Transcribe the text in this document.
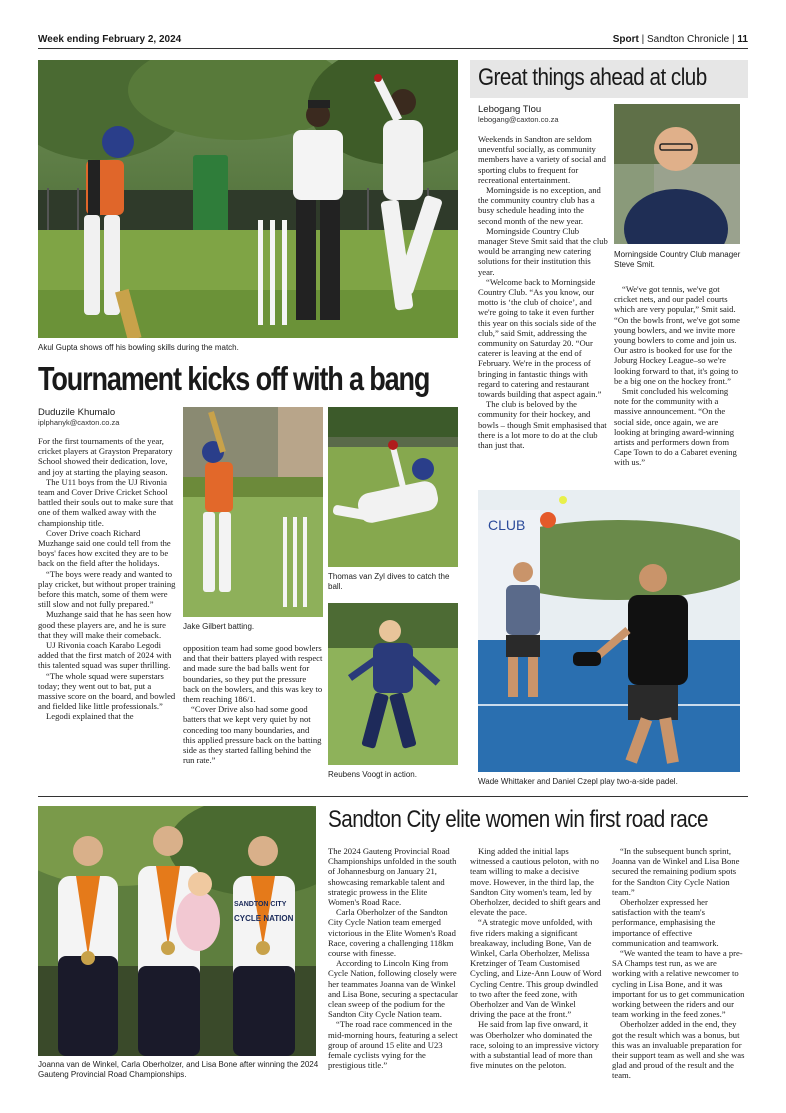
Week ending February 2, 2024	Sport | Sandton Chronicle | 11
Akul Gupta shows off his bowling skills during the match.
Tournament kicks off with a bang
Duduzile Khumalo
iplphanyk@caxton.co.za

For the first tournaments of the year, cricket players at Grayston Preparatory School showed their dedication, love, and joy at starting the playing season.

The U11 boys from the UJ Rivonia team and Cover Drive Cricket School battled their souls out to make sure that one of them walked away with the championship title.

Cover Drive coach Richard Muzhange said one could tell from the boys' faces how excited they are to be back on the field after the holidays.

“The boys were ready and wanted to play cricket, but without proper training before this match, some of them were still slow and not fully prepared.”

Muzhange said that he has seen how good these players are, and he is sure that they will make their comeback.

UJ Rivonia coach Karabo Legodi added that the first match of 2024 with this talented squad was super thrilling.

“The whole squad were superstars today; they went out to bat, put a massive score on the board, and bowled and fielded like little professionals.”

Legodi explained that the

Jake Gilbert batting.

opposition team had some good bowlers and that their batters played with respect and made sure the bad balls went for boundaries, so they put the pressure back on the bowlers, and this was key to them reaching 186/1.

“Cover Drive also had some good batters that we kept very quiet by not conceding too many boundaries, and this applied pressure back on the batting side as they started falling behind the run rate.”

Thomas van Zyl dives to catch the ball.
Reubens Voogt in action.
Great things ahead at club
Lebogang Tlou
lebogang@caxton.co.za

Weekends in Sandton are seldom uneventful socially, as community members have a variety of social and sporting clubs to frequent for recreational entertainment.

Morningside is no exception, and the community country club has a busy schedule heading into the second month of the new year.

Morningside Country Club manager Steve Smit said that the club would be arranging new catering solutions for their institution this year.

“Welcome back to Morningside Country Club. “As you know, our motto is ‘the club of choice’, and we're going to take it even further this year on this socials side of the club,” said Smit, addressing the community on Saturday 20. “Our caterer is leaving at the end of February. We're in the process of bringing in fantastic things with regard to catering and restaurant towards building that aspect again.”

The club is beloved by the community for their hockey, and bowls – though Smit emphasised that there is a lot more to do at the club than just that.

Morningside Country Club manager Steve Smit.

“We've got tennis, we've got cricket nets, and our padel courts which are very popular,” Smit said. “On the bowls front, we've got some young bowlers, and we invite more young bowlers to come and join us. Our astro is booked for use for the Joburg Hockey League–so we're looking forward to that, it's going to be a big one on the hockey front.”

Smit concluded his welcoming note for the community with a massive announcement. “On the social side, once again, we are looking at bringing award-winning artists and performers down from Cape Town to do a Cabaret evening with us.”

CLUB
Wade Whittaker and Daniel Czepl play two-a-side padel.
SANDTON CITY
CYCLE NATION
Joanna van de Winkel, Carla Oberholzer, and Lisa Bone after winning the 2024 Gauteng Provincial Road Championships.
Sandton City elite women win first road race

The 2024 Gauteng Provincial Road Championships unfolded in the south of Johannesburg on January 21, showcasing remarkable talent and strategic prowess in the Elite Women's Road Race.

Carla Oberholzer of the Sandton City Cycle Nation team emerged victorious in the Elite Women's Road Race, covering a challenging 118km course with finesse.

According to Lincoln King from Cycle Nation, following closely were her teammates Joanna van de Winkel and Lisa Bone, securing a spectacular clean sweep of the podium for the Sandton City Cycle Nation team.

“The road race commenced in the mid-morning hours, featuring a select group of around 15 elite and U23 female cyclists vying for the prestigious title.”

King added the initial laps witnessed a cautious peloton, with no team willing to make a decisive move. However, in the third lap, the Sandton City women's team, led by Oberholzer, decided to shift gears and elevate the pace.

“A strategic move unfolded, with five riders making a significant breakaway, including Bone, Van de Winkel, Carla Oberholzer, Melissa Kretzinger of Team Customised Cycling, and Lize-Ann Louw of Word Cycling Centre. This group dwindled to two after the feed zone, with Oberholzer and Van de Winkel driving the pace at the front.”

He said from lap five onward, it was Oberholzer who dominated the race, soloing to an impressive victory with a substantial lead of more than five minutes on the peloton.

“In the subsequent bunch sprint, Joanna van de Winkel and Lisa Bone secured the remaining podium spots for the Sandton City Cycle Nation team.”

Oberholzer expressed her satisfaction with the team's performance, emphasising the importance of effective communication and teamwork.

“We wanted the team to have a pre-SA Champs test run, as we are working with a relative newcomer to cycling in Lisa Bone, and it was important for us to get communication working between the riders and our team working in the feed zones.”

Oberholzer added in the end, they got the result which was a bonus, but this was an invaluable preparation for their support team as well and she was glad and proud of the result and the team.
